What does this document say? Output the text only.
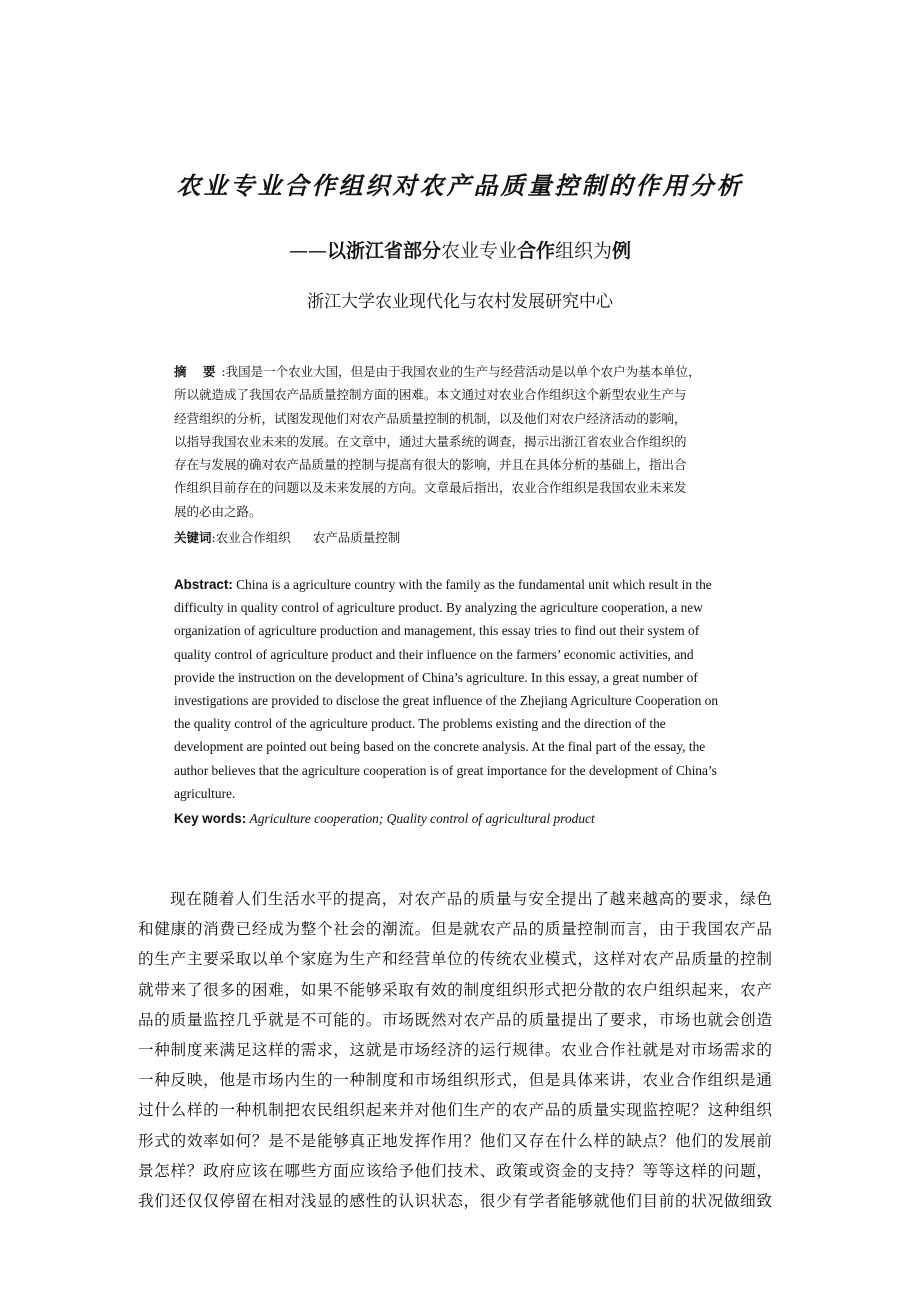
农业专业合作组织对农产品质量控制的作用分析
——以浙江省部分农业专业合作组织为例
浙江大学农业现代化与农村发展研究中心
摘 要:我国是一个农业大国，但是由于我国农业的生产与经营活动是以单个农户为基本单位，
所以就造成了我国农产品质量控制方面的困难。本文通过对农业合作组织这个新型农业生产与
经营组织的分析，试图发现他们对农产品质量控制的机制，以及他们对农户经济活动的影响，
以指导我国农业未来的发展。在文章中，通过大量系统的调查，揭示出浙江省农业合作组织的
存在与发展的确对农产品质量的控制与提高有很大的影响，并且在具体分析的基础上，指出合
作组织目前存在的问题以及未来发展的方向。文章最后指出，农业合作组织是我国农业未来发
展的必由之路。
关键词:农业合作组织 农产品质量控制
Abstract: China is a agriculture country with the family as the fundamental unit which result in the
difficulty in quality control of agriculture product. By analyzing the agriculture cooperation, a new
organization of agriculture production and management, this essay tries to find out their system of
quality control of agriculture product and their influence on the farmers’ economic activities, and
provide the instruction on the development of China’s agriculture. In this essay, a great number of
investigations are provided to disclose the great influence of the Zhejiang Agriculture Cooperation on
the quality control of the agriculture product. The problems existing and the direction of the
development are pointed out being based on the concrete analysis. At the final part of the essay, the
author believes that the agriculture cooperation is of great importance for the development of China’s
agriculture.
Key words: Agriculture cooperation; Quality control of agricultural product
现在随着人们生活水平的提高，对农产品的质量与安全提出了越来越高的要求，绿色
和健康的消费已经成为整个社会的潮流。但是就农产品的质量控制而言，由于我国农产品
的生产主要采取以单个家庭为生产和经营单位的传统农业模式，这样对农产品质量的控制
就带来了很多的困难，如果不能够采取有效的制度组织形式把分散的农户组织起来，农产
品的质量监控几乎就是不可能的。市场既然对农产品的质量提出了要求，市场也就会创造
一种制度来满足这样的需求，这就是市场经济的运行规律。农业合作社就是对市场需求的
一种反映，他是市场内生的一种制度和市场组织形式，但是具体来讲，农业合作组织是通
过什么样的一种机制把农民组织起来并对他们生产的农产品的质量实现监控呢？这种组织
形式的效率如何？是不是能够真正地发挥作用？他们又存在什么样的缺点？他们的发展前
景怎样？政府应该在哪些方面应该给予他们技术、政策或资金的支持？等等这样的问题，
我们还仅仅停留在相对浅显的感性的认识状态，很少有学者能够就他们目前的状况做细致
